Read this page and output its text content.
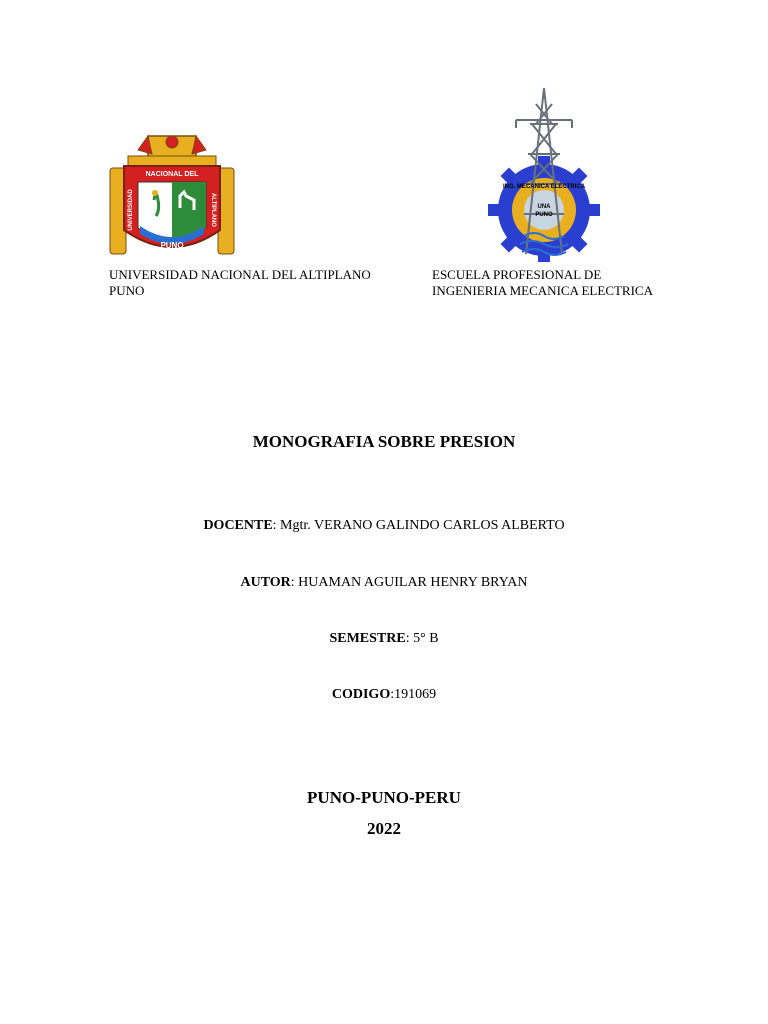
NACIONAL DEL
UNIVERSIDAD	ALTIPLANO
PUNO
ING. MECANICA ELECTRICA
UNA
PUNO
UNIVERSIDAD NACIONAL DEL ALTIPLANO
PUNO
ESCUELA PROFESIONAL DE
INGENIERIA MECANICA ELECTRICA
MONOGRAFIA SOBRE PRESION
DOCENTE: Mgtr. VERANO GALINDO CARLOS ALBERTO
AUTOR: HUAMAN AGUILAR HENRY BRYAN
SEMESTRE: 5° B
CODIGO:191069
PUNO-PUNO-PERU
2022
